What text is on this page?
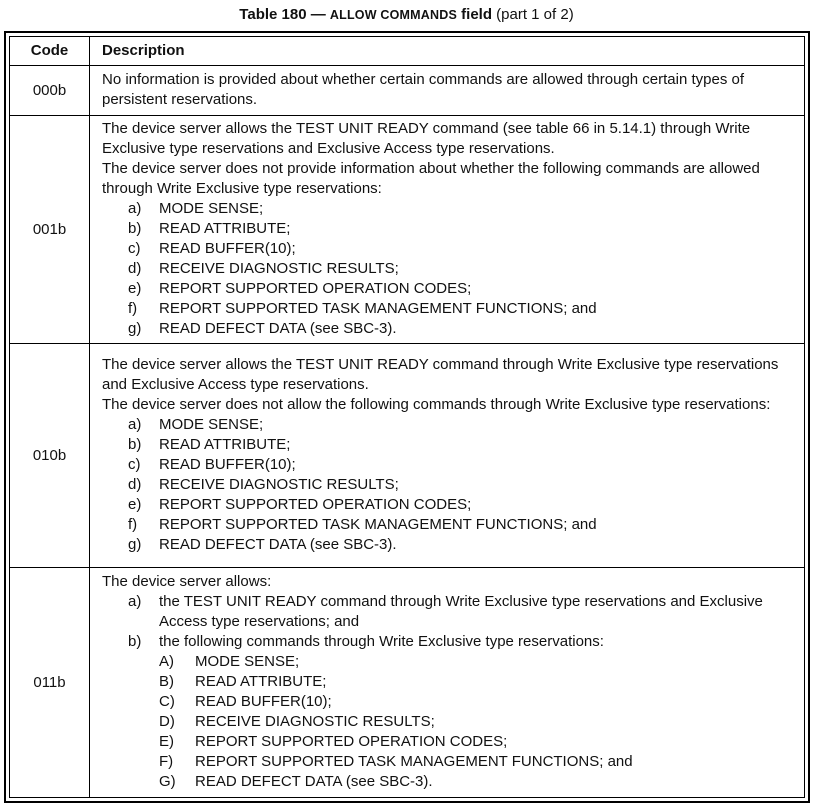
Table 180 — ALLOW COMMANDS field (part 1 of 2)
Code	Description
000b	No information is provided about whether certain commands are allowed through certain types of persistent reservations.

001b	
The device server allows the TEST UNIT READY command (see table 66 in 5.14.1) through Write Exclusive type reservations and Exclusive Access type reservations.
The device server does not provide information about whether the following commands are allowed through Write Exclusive type reservations:
a)	MODE SENSE;
b)	READ ATTRIBUTE;
c)	READ BUFFER(10);
d)	RECEIVE DIAGNOSTIC RESULTS;
e)	REPORT SUPPORTED OPERATION CODES;
f)	REPORT SUPPORTED TASK MANAGEMENT FUNCTIONS; and
g)	READ DEFECT DATA (see SBC-3).

010b	
The device server allows the TEST UNIT READY command through Write Exclusive type reservations and Exclusive Access type reservations.
The device server does not allow the following commands through Write Exclusive type reservations:
a)	MODE SENSE;
b)	READ ATTRIBUTE;
c)	READ BUFFER(10);
d)	RECEIVE DIAGNOSTIC RESULTS;
e)	REPORT SUPPORTED OPERATION CODES;
f)	REPORT SUPPORTED TASK MANAGEMENT FUNCTIONS; and
g)	READ DEFECT DATA (see SBC-3).

011b	
The device server allows:
a)	the TEST UNIT READY command through Write Exclusive type reservations and Exclusive Access type reservations; and
b)	the following commands through Write Exclusive type reservations:
A)	MODE SENSE;
B)	READ ATTRIBUTE;
C)	READ BUFFER(10);
D)	RECEIVE DIAGNOSTIC RESULTS;
E)	REPORT SUPPORTED OPERATION CODES;
F)	REPORT SUPPORTED TASK MANAGEMENT FUNCTIONS; and
G)	READ DEFECT DATA (see SBC-3).
